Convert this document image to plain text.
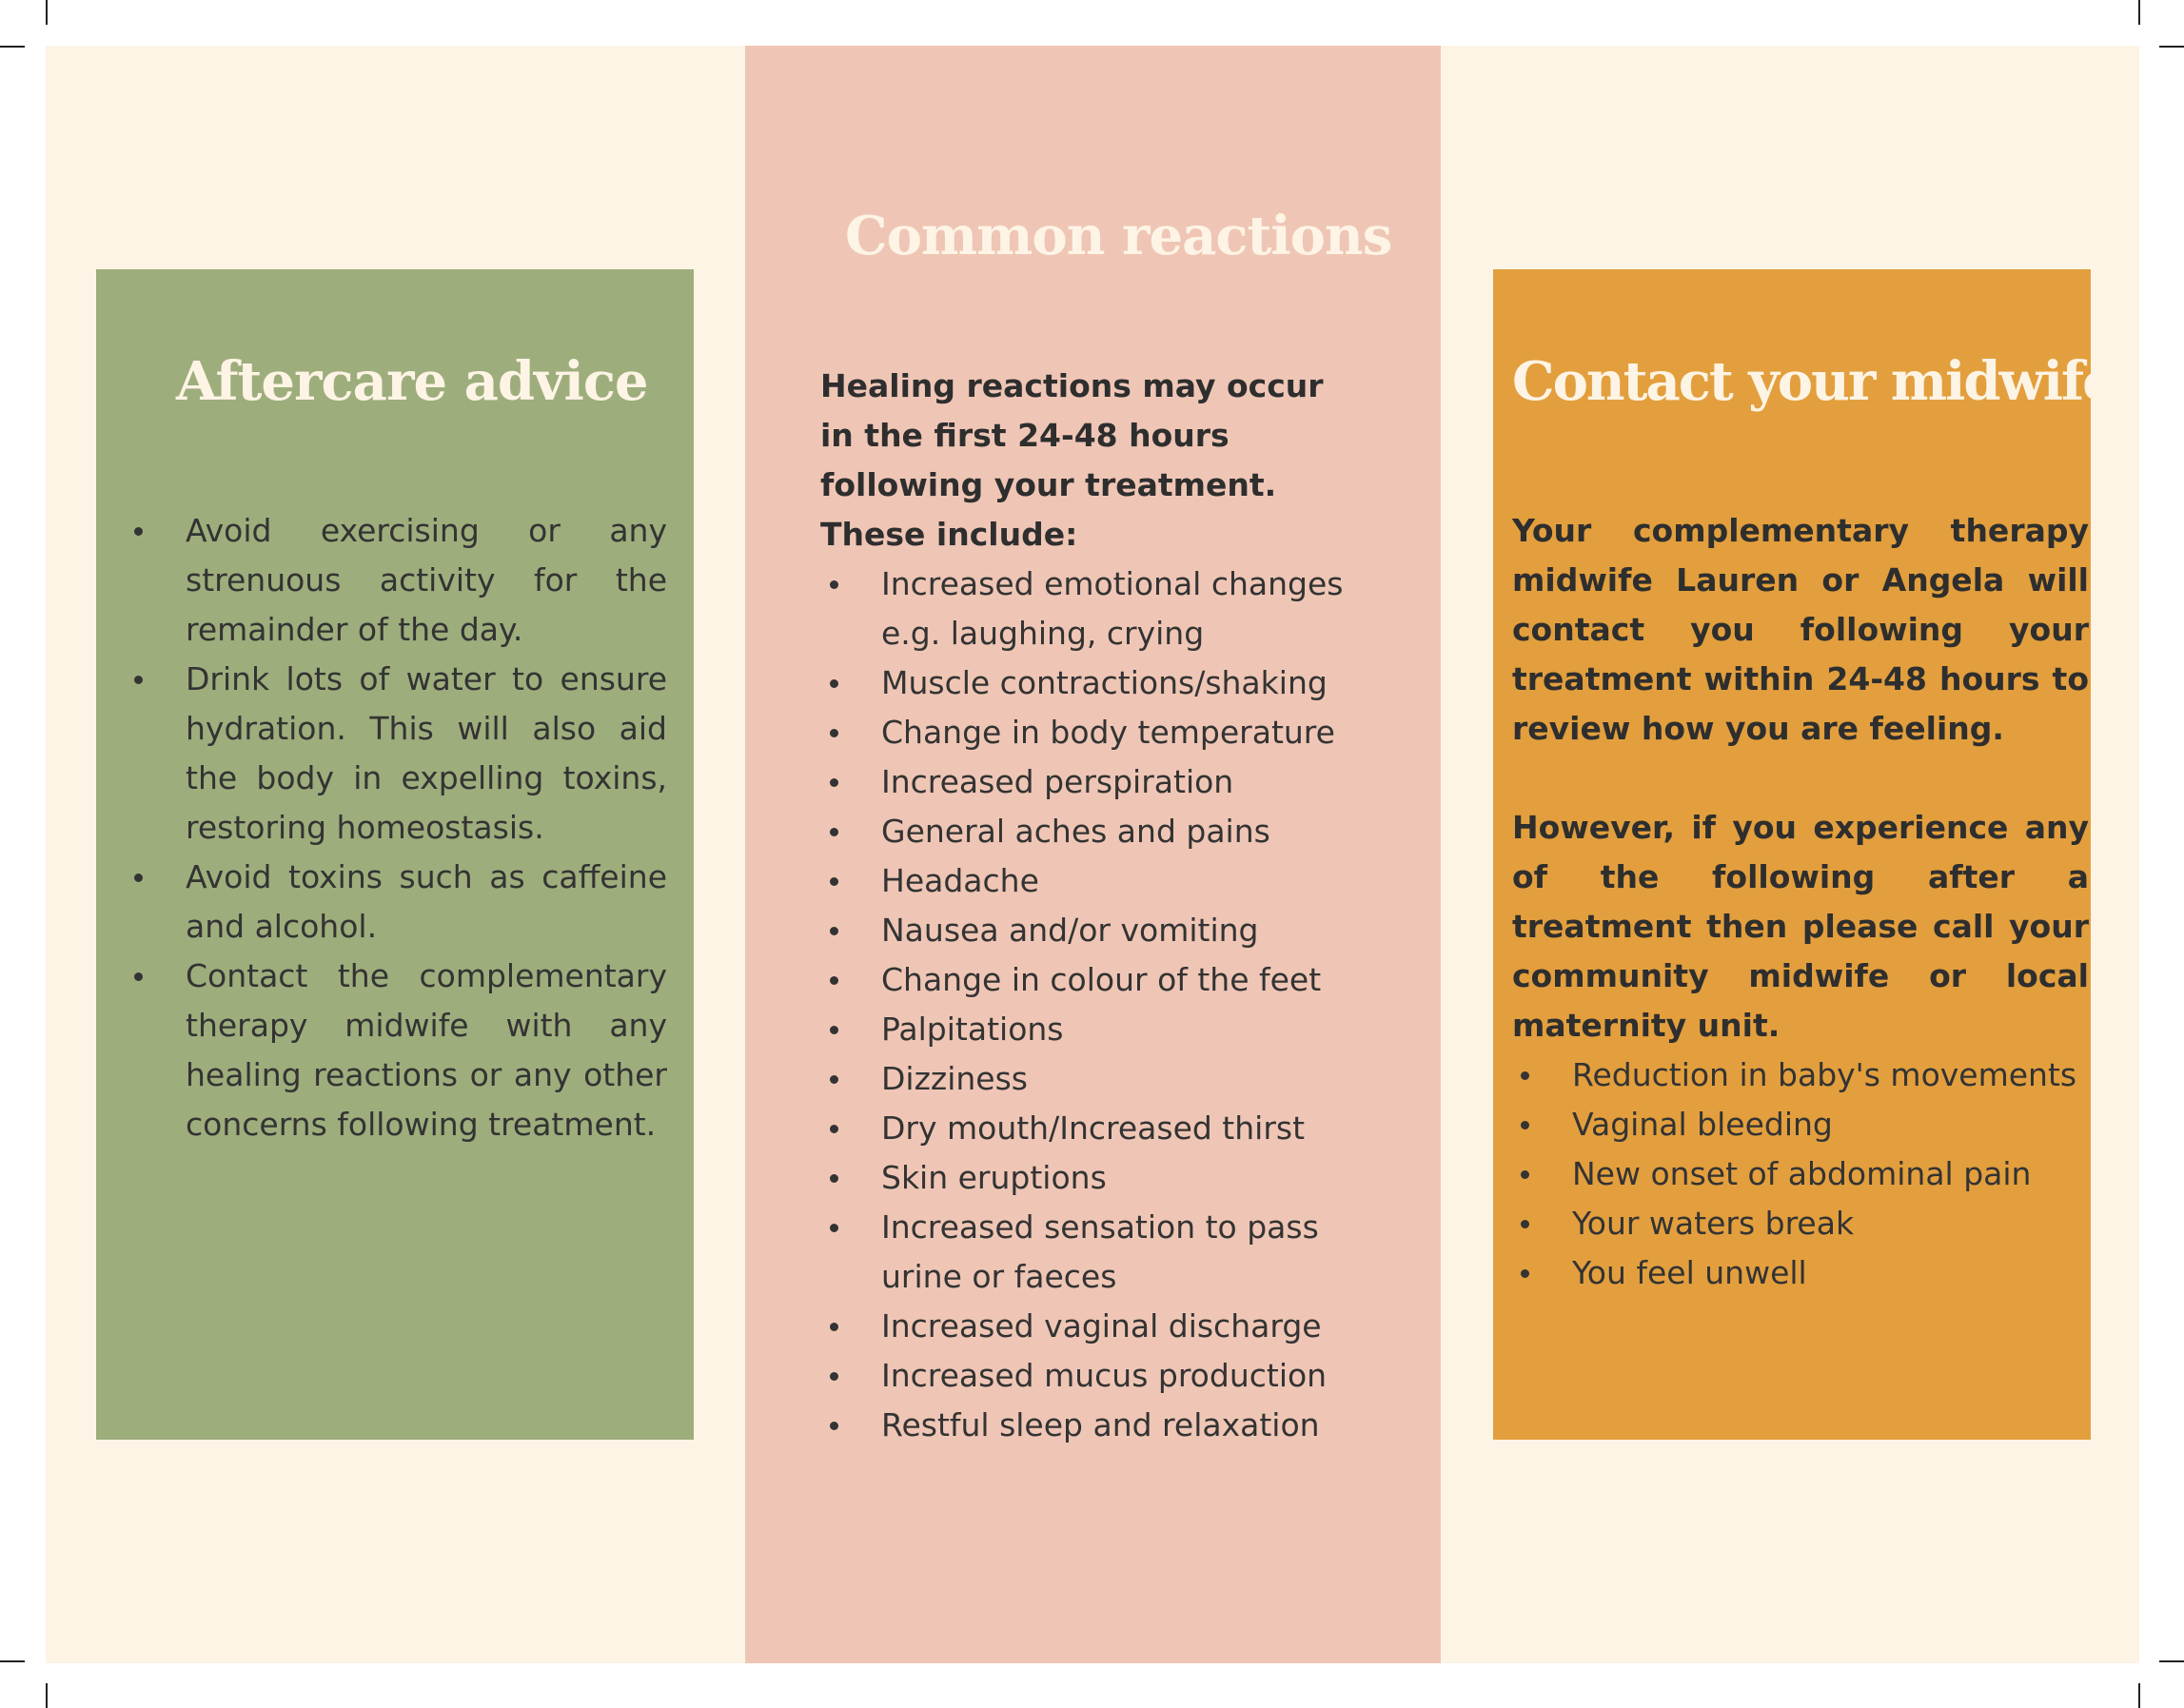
Aftercare advice
Avoid exercising or any strenuous activity for the remainder of the day.
Drink lots of water to ensure hydration. This will also aid the body in expelling toxins, restoring homeostasis.
Avoid toxins such as caffeine and alcohol.
Contact the complementary therapy midwife with any healing reactions or any other concerns following treatment.
Common reactions

Healing reactions may occur in the first 24-48 hours following your treatment. These include:

Increased emotional changes e.g. laughing, crying
Muscle contractions/shaking
Change in body temperature
Increased perspiration
General aches and pains
Headache
Nausea and/or vomiting
Change in colour of the feet
Palpitations
Dizziness
Dry mouth/Increased thirst
Skin eruptions
Increased sensation to pass urine or faeces
Increased vaginal discharge
Increased mucus production
Restful sleep and relaxation
Contact your midwife

Your complementary therapy midwife Lauren or Angela will contact you following your treatment within 24-48 hours to review how you are feeling.

However, if you experience any of the following after a treatment then please call your community midwife or local maternity unit.

Reduction in baby's movements
Vaginal bleeding
New onset of abdominal pain
Your waters break
You feel unwell
